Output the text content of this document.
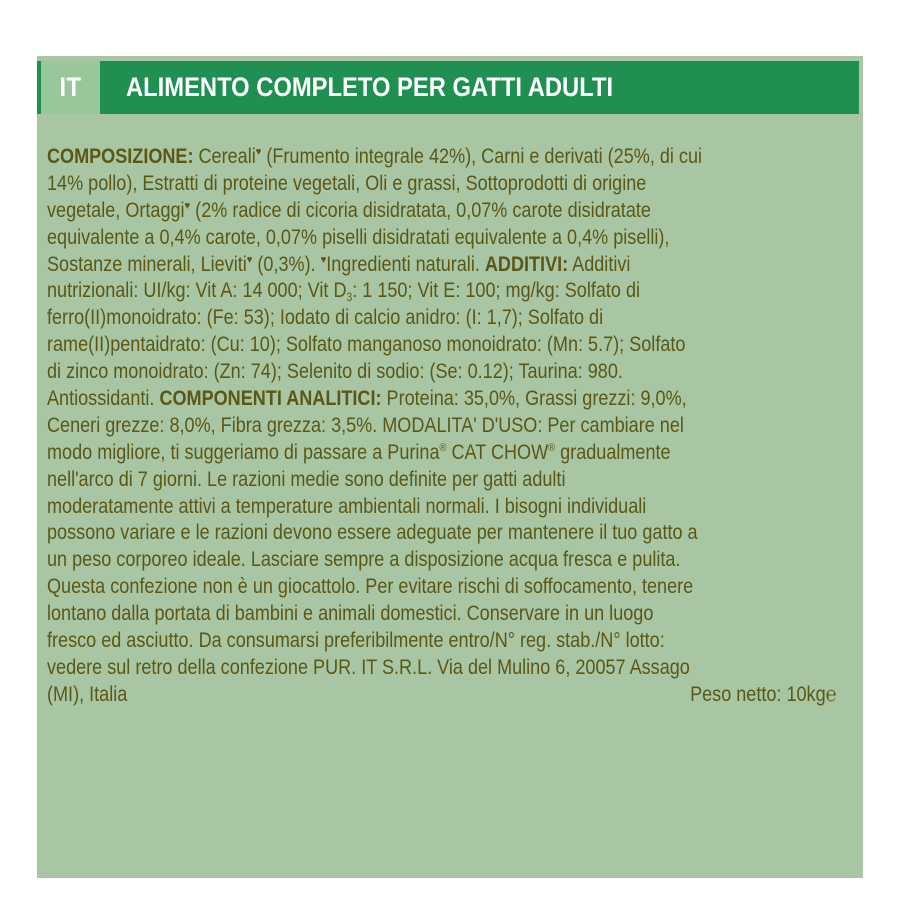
IT	ALIMENTO COMPLETO PER GATTI ADULTI
COMPOSIZIONE: Cereali♥ (Frumento integrale 42%), Carni e derivati (25%, di cui
14% pollo), Estratti di proteine vegetali, Oli e grassi, Sottoprodotti di origine
vegetale, Ortaggi♥ (2% radice di cicoria disidratata, 0,07% carote disidratate
equivalente a 0,4% carote, 0,07% piselli disidratati equivalente a 0,4% piselli),
Sostanze minerali, Lieviti♥ (0,3%). ♥Ingredienti naturali. ADDITIVI: Additivi
nutrizionali: UI/kg: Vit A: 14 000; Vit $D_3$: 1 150; Vit E: 100; mg/kg: Solfato di
ferro(II)monoidrato: (Fe: 53); Iodato di calcio anidro: (I: 1,7); Solfato di
rame(II)pentaidrato: (Cu: 10); Solfato manganoso monoidrato: (Mn: 5.7); Solfato
di zinco monoidrato: (Zn: 74); Selenito di sodio: (Se: 0.12); Taurina: 980.
Antiossidanti. COMPONENTI ANALITICI: Proteina: 35,0%, Grassi grezzi: 9,0%,
Ceneri grezze: 8,0%, Fibra grezza: 3,5%. MODALITA' D'USO: Per cambiare nel
modo migliore, ti suggeriamo di passare a Purina® CAT CHOW® gradualmente
nell'arco di 7 giorni. Le razioni medie sono definite per gatti adulti
moderatamente attivi a temperature ambientali normali. I bisogni individuali
possono variare e le razioni devono essere adeguate per mantenere il tuo gatto a
un peso corporeo ideale. Lasciare sempre a disposizione acqua fresca e pulita.
Questa confezione non è un giocattolo. Per evitare rischi di soffocamento, tenere
lontano dalla portata di bambini e animali domestici. Conservare in un luogo
fresco ed asciutto. Da consumarsi preferibilmente entro/N° reg. stab./N° lotto:
vedere sul retro della confezione PUR. IT S.R.L. Via del Mulino 6, 20057 Assago
(MI), Italia	Peso netto: 10kg℮
